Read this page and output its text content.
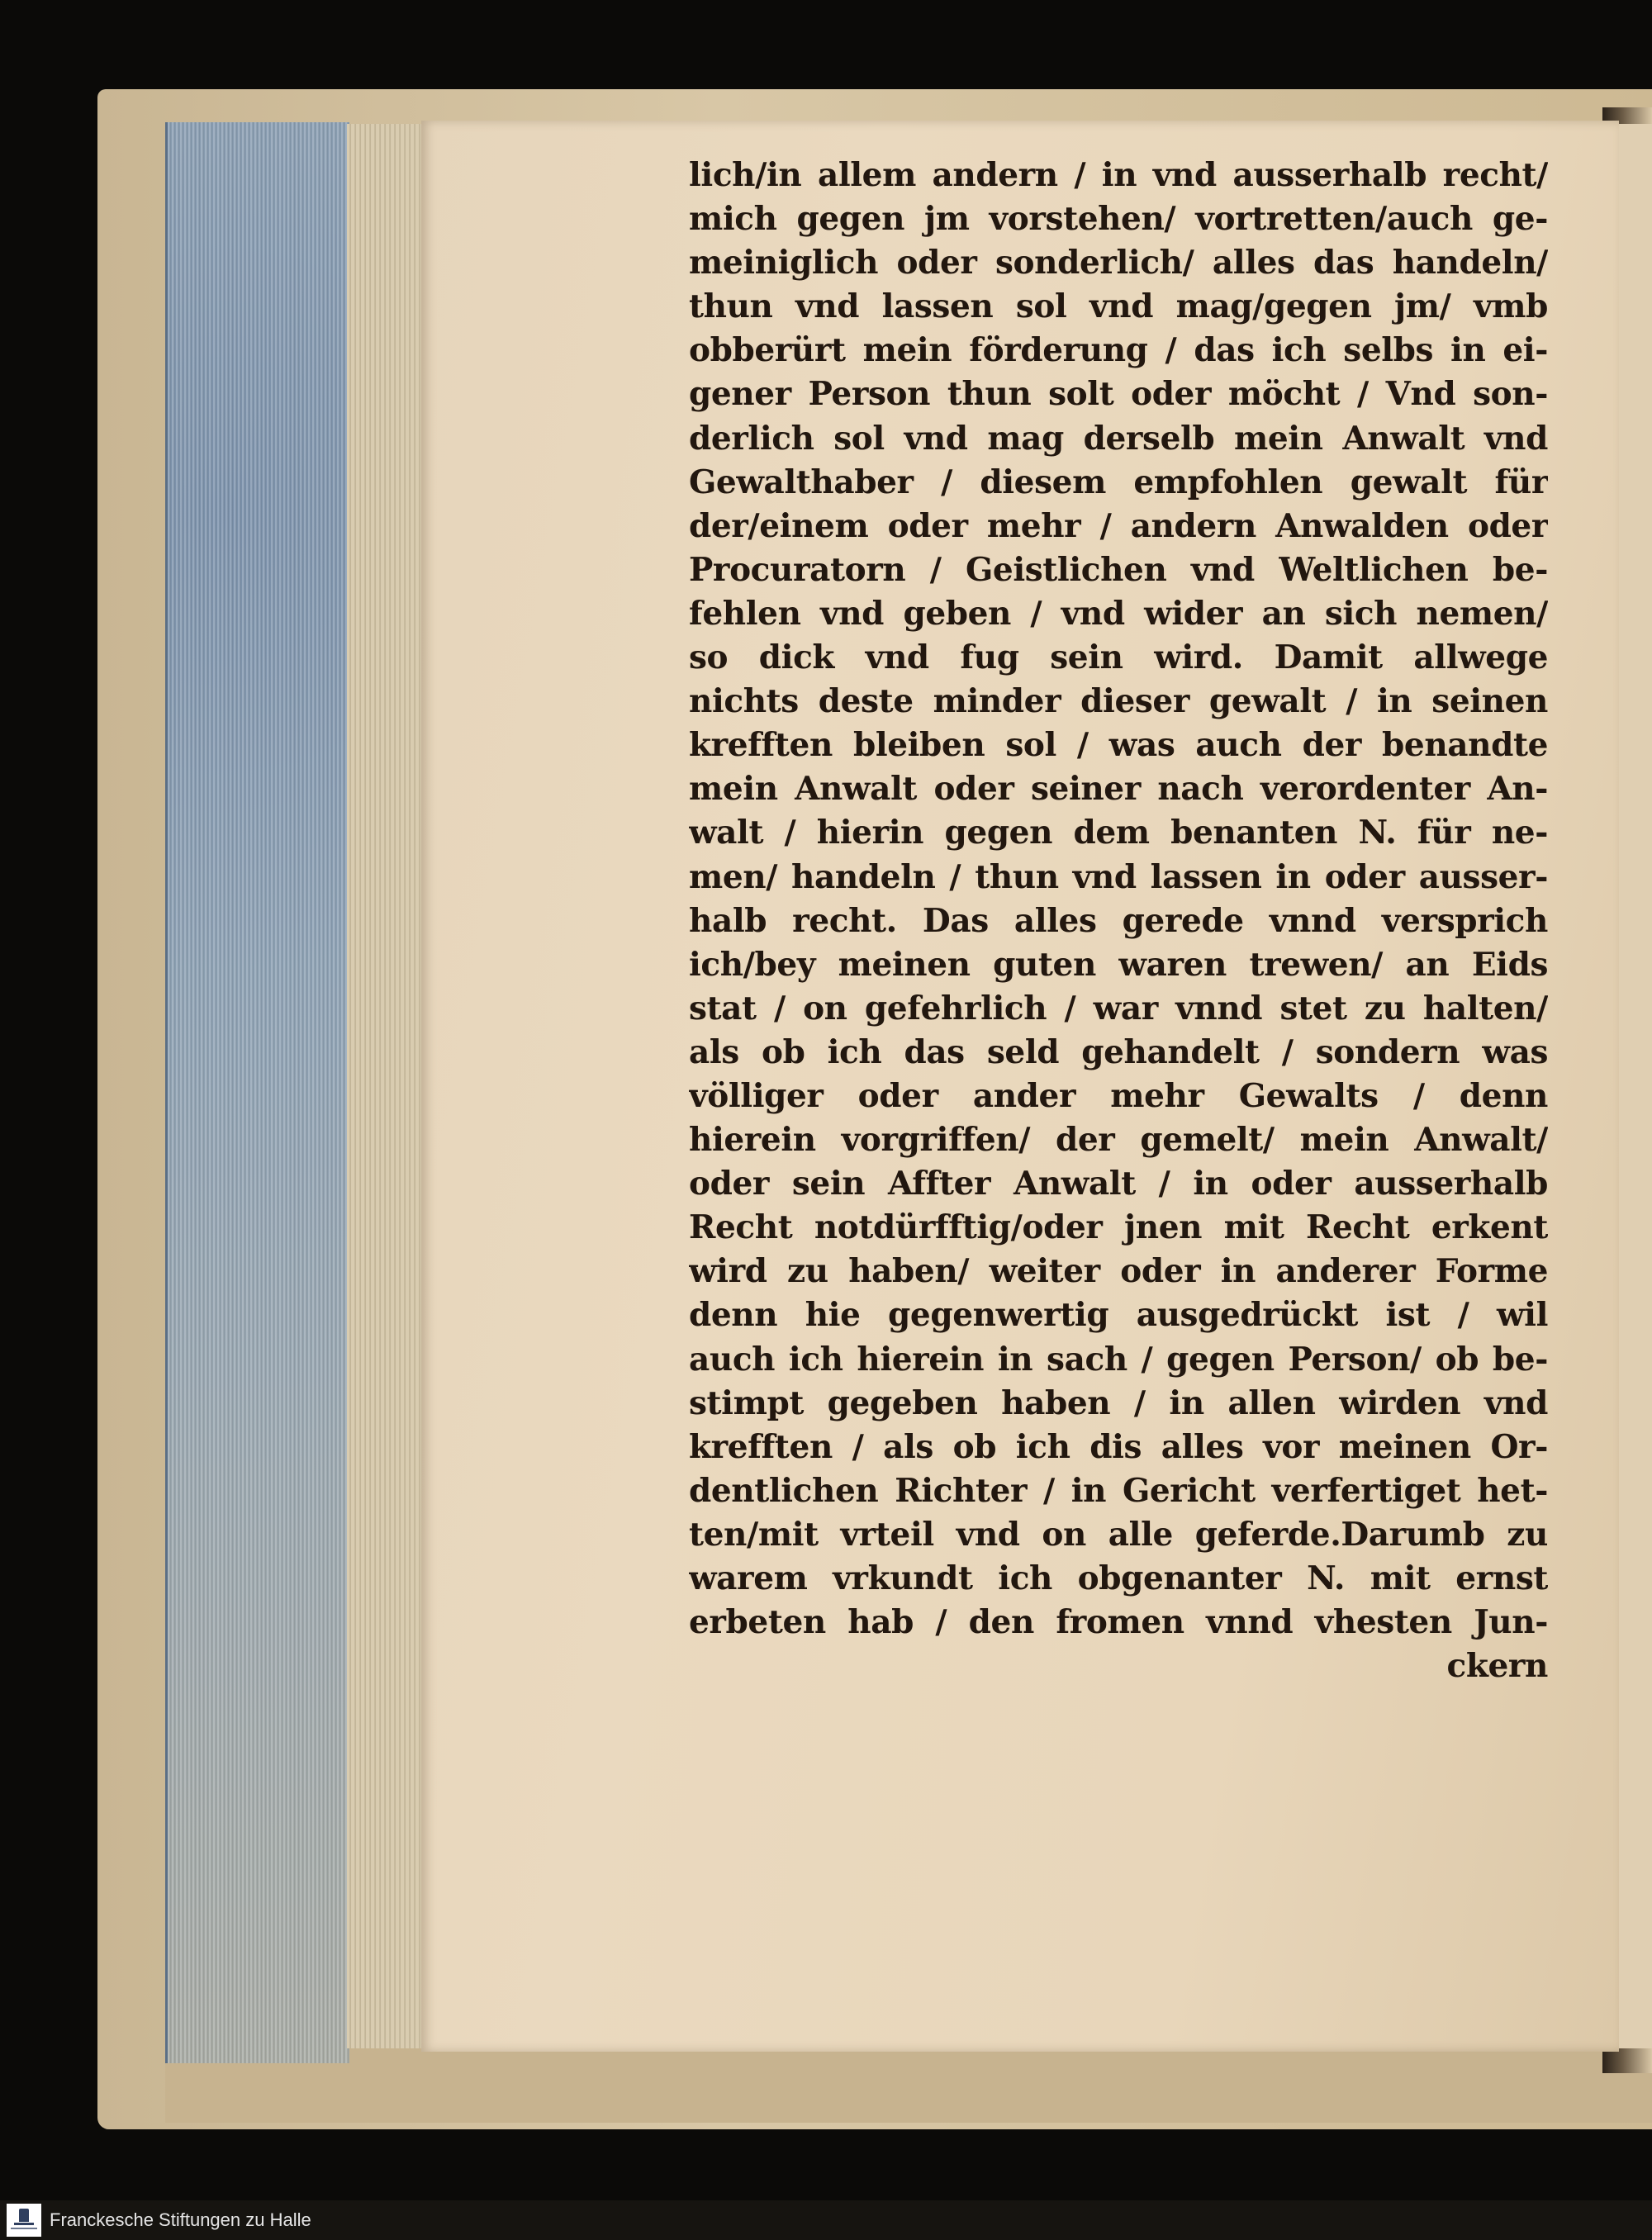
lich/in allem andern / in vnd ausserhalb recht/
mich gegen jm vorstehen/ vortretten/auch ge-
meiniglich oder sonderlich/ alles das handeln/
thun vnd lassen sol vnd mag/gegen jm/ vmb
obberürt mein förderung / das ich selbs in ei-
gener Person thun solt oder möcht / Vnd son-
derlich sol vnd mag derselb mein Anwalt vnd
Gewalthaber / diesem empfohlen gewalt für
der/einem oder mehr / andern Anwalden oder
Procuratorn / Geistlichen vnd Weltlichen be-
fehlen vnd geben / vnd wider an sich nemen/
so dick vnd fug sein wird. Damit allwege
nichts deste minder dieser gewalt / in seinen
krefften bleiben sol / was auch der benandte
mein Anwalt oder seiner nach verordenter An-
walt / hierin gegen dem benanten N. für ne-
men/ handeln / thun vnd lassen in oder ausser-
halb recht. Das alles gerede vnnd versprich
ich/bey meinen guten waren trewen/ an Eids
stat / on gefehrlich / war vnnd stet zu halten/
als ob ich das seld gehandelt / sondern was
völliger oder ander mehr Gewalts / denn
hierein vorgriffen/ der gemelt/ mein Anwalt/
oder sein Affter Anwalt / in oder ausserhalb
Recht notdürfftig/oder jnen mit Recht erkent
wird zu haben/ weiter oder in anderer Forme
denn hie gegenwertig ausgedrückt ist / wil
auch ich hierein in sach / gegen Person/ ob be-
stimpt gegeben haben / in allen wirden vnd
krefften / als ob ich dis alles vor meinen Or-
dentlichen Richter / in Gericht verfertiget het-
ten/mit vrteil vnd on alle geferde.Darumb zu
warem vrkundt ich obgenanter N. mit ernst
erbeten hab / den fromen vnnd vhesten Jun-
ckern
Franckesche Stiftungen zu Halle
